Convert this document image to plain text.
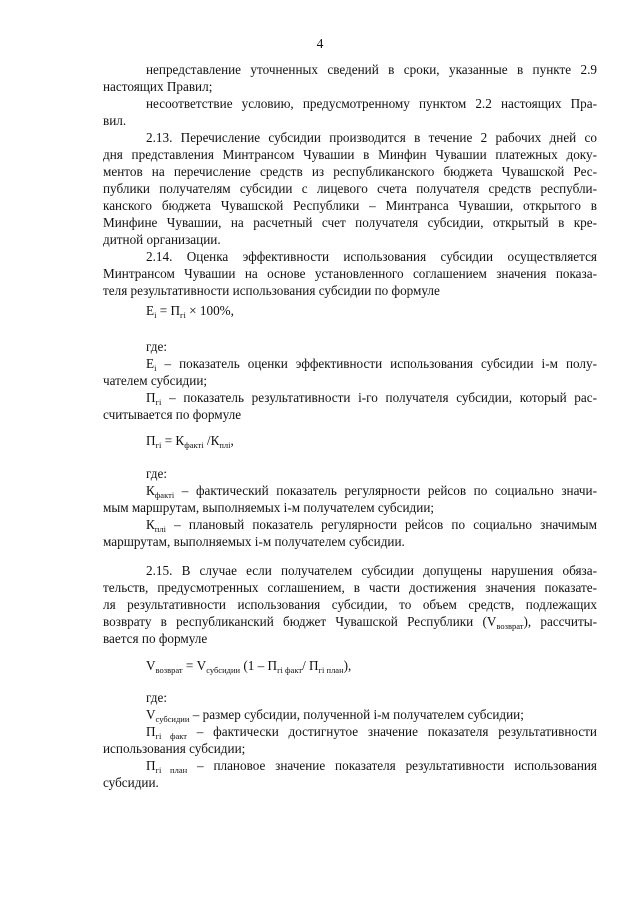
4
непредставление уточненных сведений в сроки, указанные в пункте 2.9
настоящих Правил;
несоответствие условию, предусмотренному пунктом 2.2 настоящих Пра-
вил.
2.13. Перечисление субсидии производится в течение 2 рабочих дней со
дня представления Минтрансом Чувашии в Минфин Чувашии платежных доку-
ментов на перечисление средств из республиканского бюджета Чувашской Рес-
публики получателям субсидии с лицевого счета получателя средств республи-
канского бюджета Чувашской Республики – Минтранса Чувашии, открытого в
Минфине Чувашии, на расчетный счет получателя субсидии, открытый в кре-
дитной организации.
2.14. Оценка эффективности использования субсидии осуществляется
Минтрансом Чувашии на основе установленного соглашением значения показа-
теля результативности использования субсидии по формуле
где:
$Е_i$ – показатель оценки эффективности использования субсидии i-м полу-
чателем субсидии;
$П_{гi}$ – показатель результативности i-го получателя субсидии, который рас-
считывается по формуле
где:
$К_{фактi}$ – фактический показатель регулярности рейсов по социально значи-
мым маршрутам, выполняемых i-м получателем субсидии;
$К_{плi}$ – плановый показатель регулярности рейсов по социально значимым
маршрутам, выполняемых i-м получателем субсидии.
2.15. В случае если получателем субсидии допущены нарушения обяза-
тельств, предусмотренных соглашением, в части достижения значения показате-
ля результативности использования субсидии, то объем средств, подлежащих
возврату в республиканский бюджет Чувашской Республики $(V_{возврат})$, рассчиты-
вается по формуле
где:
$V_{субсидии}$ – размер субсидии, полученной i-м получателем субсидии;
$П_{гi факт}$ – фактически достигнутое значение показателя результативности
использования субсидии;
$П_{гi план}$ – плановое значение показателя результативности использования
субсидии.
$Е_i = П_{гi} \times 100\%$,
$П_{гi} = К_{фактi}$ $/К_{плi}$,
$V_{возврат} = V_{субсидии}$ ($1 - П_{гi факт}/$ $П_{гi план}$),
